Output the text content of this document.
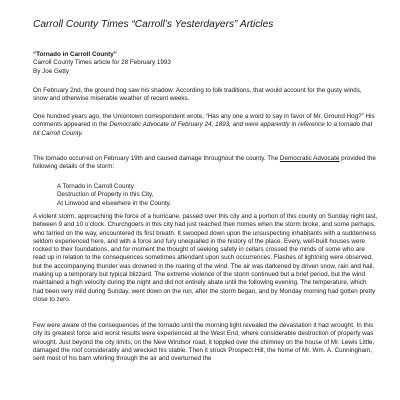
Carroll County Times “Carroll’s Yesterdayers” Articles

“Tornado in Carroll County”

Carroll County Times article for 28 February 1993

By Joe Getty

On February 2nd, the ground hog saw his shadow: According to folk traditions, that would account for the gusty winds, snow and otherwise miserable weather of recent weeks.

One hundred years ago, the Uniontown correspondent wrote, “Has any one a word to say in favor of Mr. Ground Hog?” His comments appeared in the Democratic Advocate of February 24, 1893, and were apparently in reference to a tornado that hit Carroll County.

The tornado occurred on February 19th and caused damage throughout the county. The Democratic Advocate provided the following details of the storm:

A Tornado in Carroll County

Destruction of Property in this City,

At Linwood and elsewhere in the County.

A violent storm, approaching the force of a hurricane, passed over this city and a portion of this county on Sunday night last, between 9 and 10 o’clock. Churchgoers in this city had just reached their homes when the storm broke, and some perhaps, who tarried on the way, encountered its first breath. It swooped down upon the unsuspecting inhabitants with a suddenness seldom experienced here, and with a force and fury unequalled in the history of the place. Every, well-built houses were rocked to their foundations, and for moment the thought of seeking safety in cellars crossed the minds of some who are read up in relation to the consequences sometimes attendant upon such occurrences. Flashes of lightning were observed, but the accompanying thunder was drowned in the roaring of the wind. The air was darkened by driven snow, rain and hail, making up a temporary but typical blizzard. The extreme violence of the storm continued but a brief period, but the wind maintained a high velocity during the night and did not entirely abate until the following evening. The temperature, which had been very mild during Sunday, went down on the run, after the storm began, and by Monday morning had gotten pretty close to zero.

Few were aware of the consequences of the tornado until the morning light revealed the devastation it had wrought. In this city its greatest force and worst results were experienced at the West End, where considerable destruction of property was wrought. Just beyond the city limits, on the New Windsor road, it toppled over the chimney on the house of Mr. Lewis Little, damaged the roof considerably and wrecked his stable. Then it struck Prospect Hill, the home of Mr. Wm. A. Cunningham, sent most of his barn whirling through the air and overturned the
